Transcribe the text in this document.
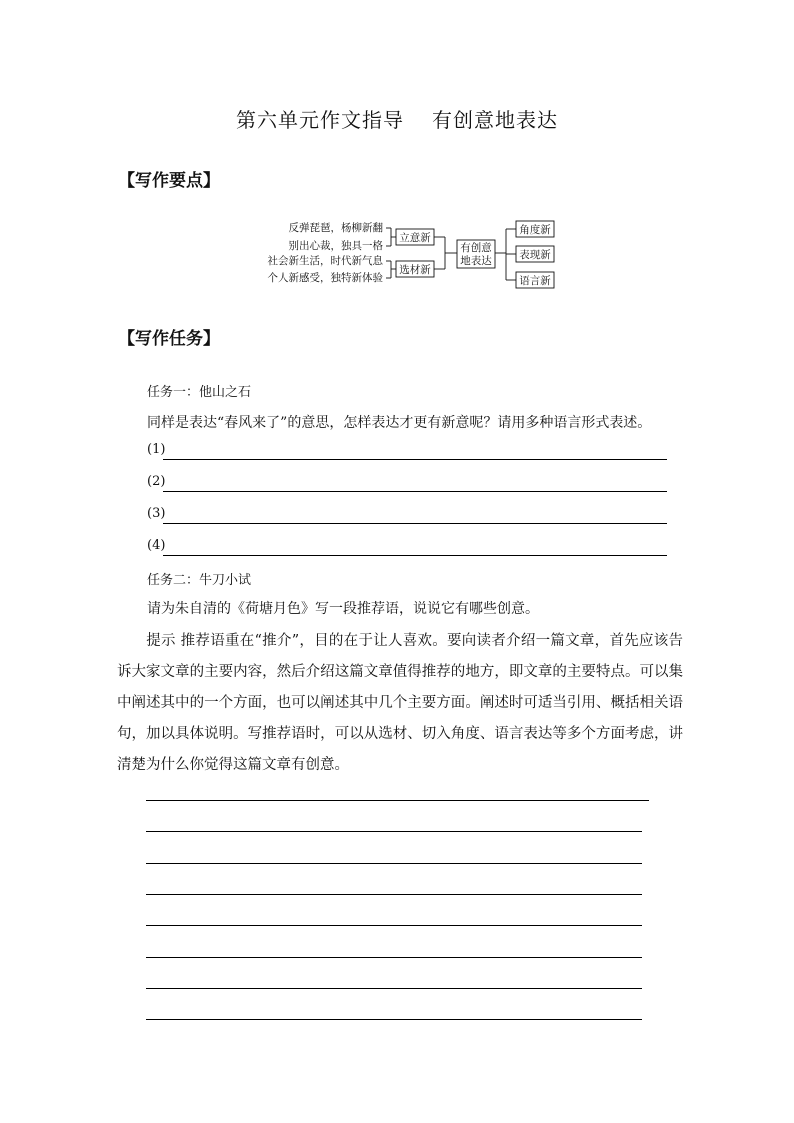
第六单元作文指导 有创意地表达
【写作要点】
反弹琵琶，杨柳新翻
别出心裁，独具一格
社会新生活，时代新气息
个人新感受，独特新体验
立意新
选材新
有创意
地表达
角度新
表现新
语言新
【写作任务】
任务一：他山之石
同样是表达“春风来了”的意思，怎样表达才更有新意呢？请用多种语言形式表述。
(1)
(2)
(3)
(4)
任务二：牛刀小试
请为朱自清的《荷塘月色》写一段推荐语，说说它有哪些创意。
提示 推荐语重在“推介”，目的在于让人喜欢。要向读者介绍一篇文章，首先应该告诉大家文章的主要内容，然后介绍这篇文章值得推荐的地方，即文章的主要特点。可以集中阐述其中的一个方面，也可以阐述其中几个主要方面。阐述时可适当引用、概括相关语句，加以具体说明。写推荐语时，可以从选材、切入角度、语言表达等多个方面考虑，讲清楚为什么你觉得这篇文章有创意。
